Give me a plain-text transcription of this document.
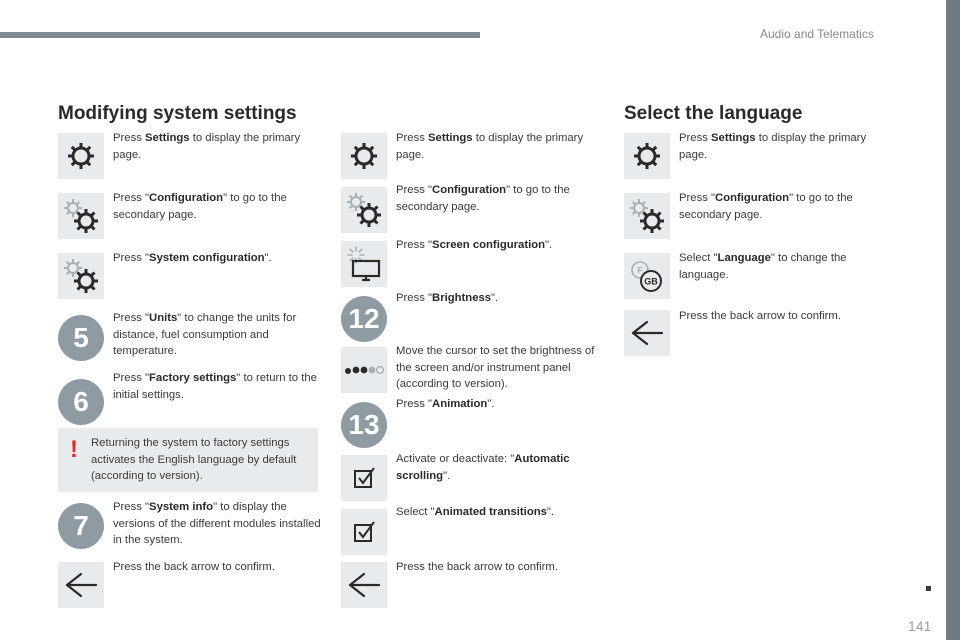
Audio and Telematics
141
Modifying system settings	Select the language
Press Settings to display the primary page.
Press "Configuration" to go to the secondary page.
Press "System configuration".
5
Press "Units" to change the units for distance, fuel consumption and temperature.
6
Press "Factory settings" to return to the initial settings.
! Returning the system to factory settings activates the English language by default (according to version).
7
Press "System info" to display the versions of the different modules installed in the system.
Press the back arrow to confirm.
Press Settings to display the primary page.
Press "Configuration" to go to the secondary page.
Press "Screen configuration".
12
Press "Brightness".
Move the cursor to set the brightness of the screen and/or instrument panel (according to version).
13
Press "Animation".
Activate or deactivate: "Automatic scrolling".
Select "Animated transitions".
Press the back arrow to confirm.
Press Settings to display the primary page.
Press "Configuration" to go to the secondary page.
F
GB
Select "Language" to change the language.
Press the back arrow to confirm.
